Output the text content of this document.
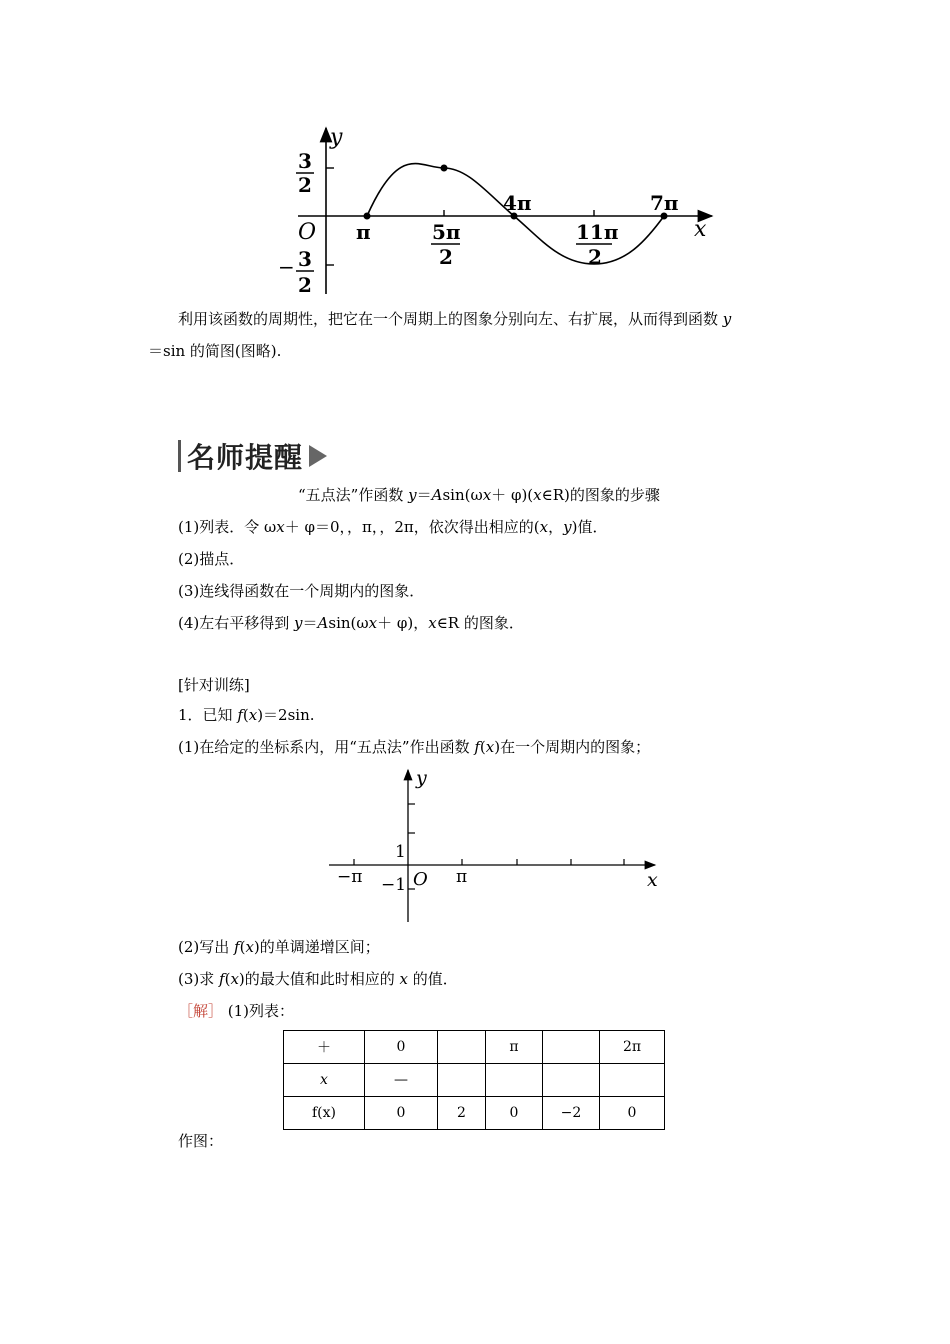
y
x
O
3
2
− 3
2
π	5π
2
4π
11π
2
7π
利用该函数的周期性，把它在一个周期上的图象分别向左、右扩展，从而得到函数 y
＝sin 的简图(图略).
名师提醒
“五点法”作函数 y＝Asin(ωx＋ φ)(x∈R)的图象的步骤
(1)列表．令 ωx＋ φ＝0，，π，，2π，依次得出相应的(x，y)值．
(2)描点．
(3)连线得函数在一个周期内的图象．
(4)左右平移得到 y＝Asin(ωx＋ φ)，x∈R 的图象．
[针对训练]
1．已知 f(x)＝2sin.
(1)在给定的坐标系内，用“五点法”作出函数 f(x)在一个周期内的图象；
y
x
O
1
−1
−π	π
(2)写出 f(x)的单调递增区间；
(3)求 f(x)的最大值和此时相应的 x 的值．
［解］ (1)列表：
＋	0		π		2π
x	—				
f(x)	0	2	0	−2	0
作图：
